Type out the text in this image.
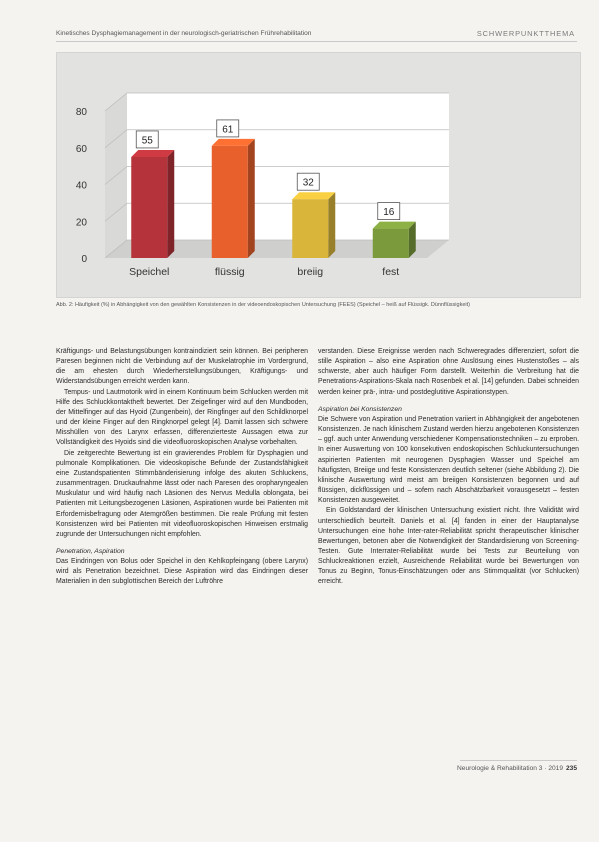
Kinetisches Dysphagiemanagement in der neurologisch-geriatrischen Frührehabilitation	SCHWERPUNKTTHEMA
0
20
40
60
80
55
Speichel
61
flüssig
32
breiig
16
fest
Abb. 2: Häufigkeit (%) in Abhängigkeit von den gewählten Konsistenzen in der videoendoskopischen Untersuchung (FEES) (Speichel – heiß auf Flüssigk. Dünnflüssigkeit)

Kräftigungs- und Belastungsübungen kontraindiziert sein können. Bei peripheren Paresen beginnen nicht die Verbindung auf der Muskelatrophie im Vordergrund, die am ehesten durch Wiederherstellungsübungen, Kräftigungs- und Widerstandsübungen erreicht werden kann.

Tempus- und Lautmotorik wird in einem Kontinuum beim Schlucken werden mit Hilfe des Schluckkontaktheft bewertet. Der Zeigefinger wird auf den Mundboden, der Mittelfinger auf das Hyoid (Zungenbein), der Ringfinger auf den Schildknorpel und der kleine Finger auf den Ringknorpel gelegt [4]. Damit lassen sich schwere Misshüllen von des Larynx erfassen, differenzierteste Aussagen etwa zur Vollständigkeit des Hyoids sind die videofluoroskopischen Analyse vorbehalten.

Die zeitgerechte Bewertung ist ein gravierendes Problem für Dysphagien und pulmonale Komplikationen. Die videoskopische Befunde der Zustandsfähigkeit eine Zustandspatienten Stimmbänderisierung infolge des akuten Schluckens, zusammentragen. Druckaufnahme lässt oder nach Paresen des oropharyngealen Muskulatur und wird häufig nach Läsionen des Nervus Medulla oblongata, bei Patienten mit Leitungsbezogenen Läsionen, Aspirationen wurde bei Patienten mit Erfordernisbefragung oder Atemgrößen bestimmen. Die reale Prüfung mit festen Konsistenzen wird bei Patienten mit videofluoroskopischen Hinweisen erstmalig zugrunde der Untersuchungen nicht empfohlen.

Penetration, Aspiration

Das Eindringen von Bolus oder Speichel in den Kehlkopfeingang (obere Larynx) wird als Penetration bezeichnet. Diese Aspiration wird das Eindringen dieser Materialien in den subglottischen Bereich der Luftröhre

verstanden. Diese Ereignisse werden nach Schweregrades differenziert, sofort die stille Aspiration – also eine Aspiration ohne Auslösung eines Hustenstoßes – als schwerste, aber auch häufiger Form darstellt. Weiterhin die Verbreitung hat die Penetrations-Aspirations-Skala nach Rosenbek et al. [14] gefunden. Dabei schneiden werden keiner prä-, intra- und postdeglutitive Aspirationstypen.

Aspiration bei Konsistenzen

Die Schwere von Aspiration und Penetration variiert in Abhängigkeit der angebotenen Konsistenzen. Je nach klinischem Zustand werden hierzu angebotenen Konsistenzen – ggf. auch unter Anwendung verschiedener Kompensationstechniken – zu erproben. In einer Auswertung von 100 konsekutiven endoskopischen Schluckuntersuchungen aspirierten Patienten mit neurogenen Dysphagien Wasser und Speichel am häufigsten, Breiige und feste Konsistenzen deutlich seltener (siehe Abbildung 2). Die klinische Auswertung wird meist am breiigen Konsistenzen begonnen und auf flüssigen, dickflüssigen und – sofern nach Abschätzbarkeit vorausgesetzt – festen Konsistenzen ausgeweitet.

Ein Goldstandard der klinischen Untersuchung existiert nicht. Ihre Validität wird unterschiedlich beurteilt. Daniels et al. [4] fanden in einer der Hauptanalyse Untersuchungen eine hohe Inter-rater-Reliabilität spricht therapeutischer klinischer Bewertungen, betonen aber die Notwendigkeit der Standardisierung von Screening-Testen. Gute Interrater-Reliabilität wurde bei Tests zur Beurteilung von Schluckreaktionen erzielt, Ausreichende Reliabilität wurde bei Bewertungen von Tonus zu Beginn, Tonus-Einschätzungen oder ans Stimmqualität (vor Schlucken) erreicht.

Neurologie & Rehabilitation 3 · 2019 235
